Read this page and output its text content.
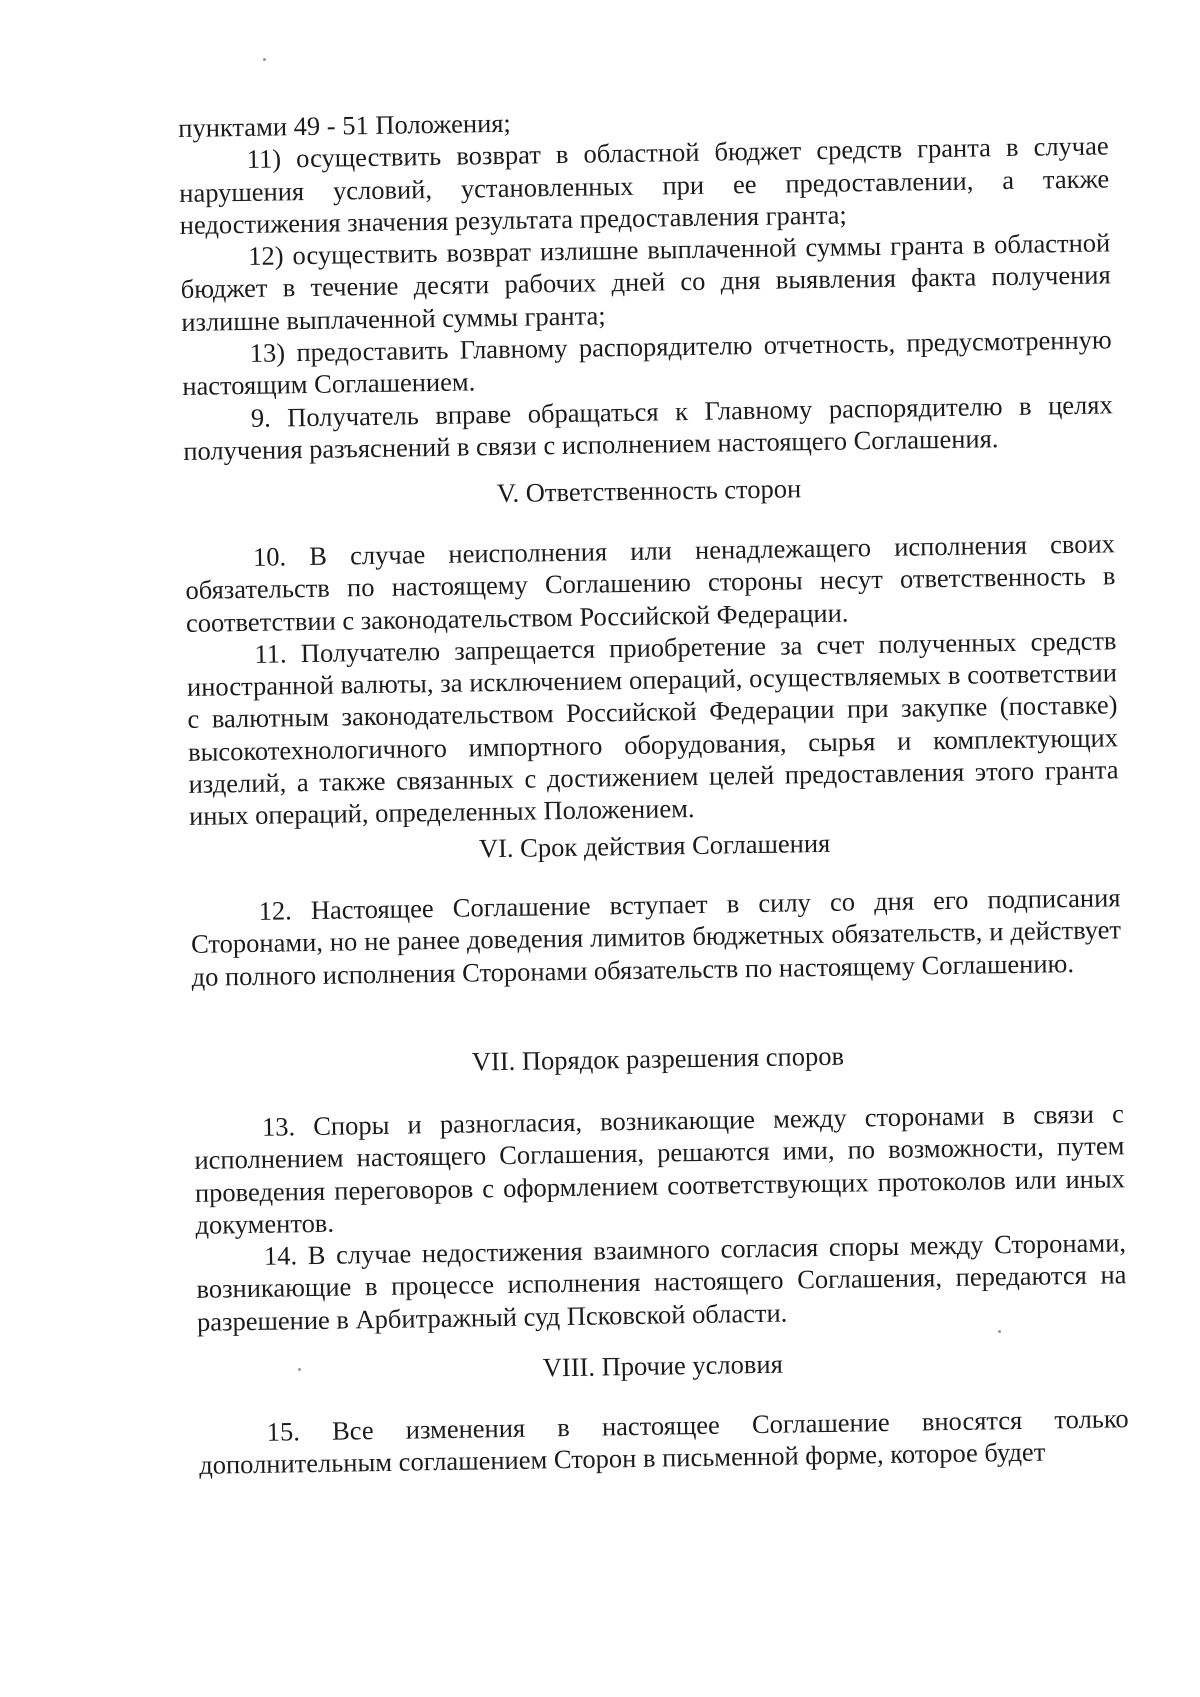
пунктами 49 - 51 Положения;

11) осуществить возврат в областной бюджет средств гранта в случае нарушения условий, установленных при ее предоставлении, а также недостижения значения результата предоставления гранта;

12) осуществить возврат излишне выплаченной суммы гранта в областной бюджет в течение десяти рабочих дней со дня выявления факта получения излишне выплаченной суммы гранта;

13) предоставить Главному распорядителю отчетность, предусмотренную настоящим Соглашением.

9. Получатель вправе обращаться к Главному распорядителю в целях получения разъяснений в связи с исполнением настоящего Соглашения.

V. Ответственность сторон

10. В случае неисполнения или ненадлежащего исполнения своих обязательств по настоящему Соглашению стороны несут ответственность в соответствии с законодательством Российской Федерации.

11. Получателю запрещается приобретение за счет полученных средств иностранной валюты, за исключением операций, осуществляемых в соответствии с валютным законодательством Российской Федерации при закупке (поставке) высокотехнологичного импортного оборудования, сырья и комплектующих изделий, а также связанных с достижением целей предоставления этого гранта иных операций, определенных Положением.

VI. Срок действия Соглашения

12. Настоящее Соглашение вступает в силу со дня его подписания Сторонами, но не ранее доведения лимитов бюджетных обязательств, и действует до полного исполнения Сторонами обязательств по настоящему Соглашению.

VII. Порядок разрешения споров

13. Споры и разногласия, возникающие между сторонами в связи с исполнением настоящего Соглашения, решаются ими, по возможности, путем проведения переговоров с оформлением соответствующих протоколов или иных документов.

14. В случае недостижения взаимного согласия споры между Сторонами, возникающие в процессе исполнения настоящего Соглашения, передаются на разрешение в Арбитражный суд Псковской области.

VIII. Прочие условия

15. Все изменения в настоящее Соглашение вносятся только дополнительным соглашением Сторон в письменной форме, которое будет
